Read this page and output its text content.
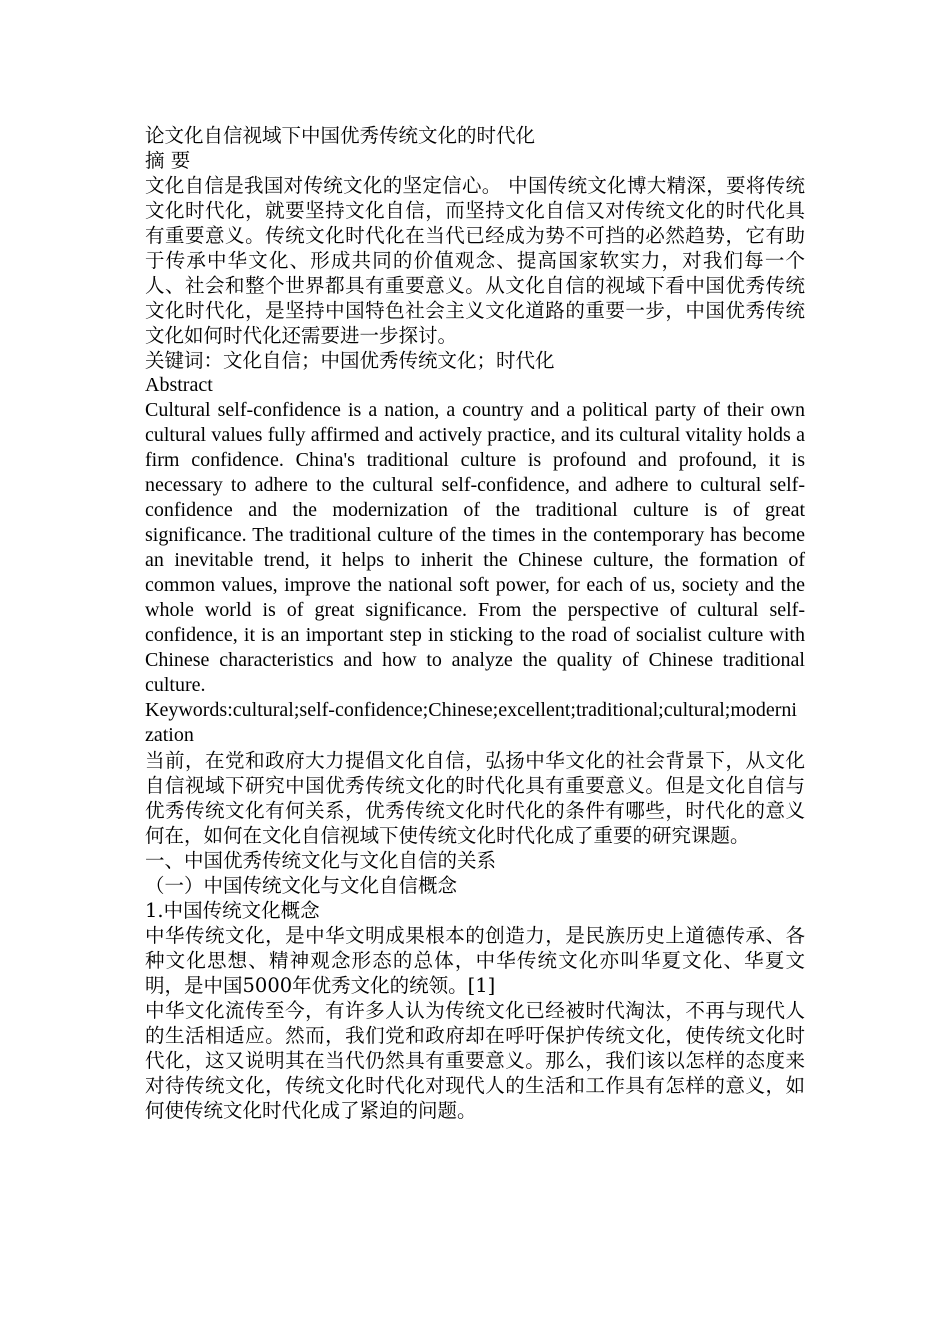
论文化自信视域下中国优秀传统文化的时代化

摘 要

文化自信是我国对传统文化的坚定信心。 中国传统文化博大精深，要将传统文化时代化，就要坚持文化自信，而坚持文化自信又对传统文化的时代化具有重要意义。传统文化时代化在当代已经成为势不可挡的必然趋势，它有助于传承中华文化、形成共同的价值观念、提高国家软实力，对我们每一个人、社会和整个世界都具有重要意义。从文化自信的视域下看中国优秀传统文化时代化，是坚持中国特色社会主义文化道路的重要一步，中国优秀传统文化如何时代化还需要进一步探讨。

关键词：文化自信；中国优秀传统文化；时代化

Abstract

Cultural self-confidence is a nation, a country and a political party of their own cultural values fully affirmed and actively practice, and its cultural vitality holds a firm confidence. China's traditional culture is profound and profound, it is necessary to adhere to the cultural self-confidence, and adhere to cultural self-confidence and the modernization of the traditional culture is of great significance. The traditional culture of the times in the contemporary has become an inevitable trend, it helps to inherit the Chinese culture, the formation of common values, improve the national soft power, for each of us, society and the whole world is of great significance. From the perspective of cultural self-confidence, it is an important step in sticking to the road of socialist culture with Chinese characteristics and how to analyze the quality of Chinese traditional culture.

Keywords:cultural;self-confidence;Chinese;excellent;traditional;cultural;modernization

当前，在党和政府大力提倡文化自信，弘扬中华文化的社会背景下，从文化自信视域下研究中国优秀传统文化的时代化具有重要意义。但是文化自信与优秀传统文化有何关系，优秀传统文化时代化的条件有哪些，时代化的意义何在，如何在文化自信视域下使传统文化时代化成了重要的研究课题。

一、中国优秀传统文化与文化自信的关系

（一）中国传统文化与文化自信概念

1.中国传统文化概念

中华传统文化，是中华文明成果根本的创造力，是民族历史上道德传承、各种文化思想、精神观念形态的总体，中华传统文化亦叫华夏文化、华夏文明，是中国5000年优秀文化的统领。[1]

中华文化流传至今，有许多人认为传统文化已经被时代淘汰，不再与现代人的生活相适应。然而，我们党和政府却在呼吁保护传统文化，使传统文化时代化，这又说明其在当代仍然具有重要意义。那么，我们该以怎样的态度来对待传统文化，传统文化时代化对现代人的生活和工作具有怎样的意义，如何使传统文化时代化成了紧迫的问题。
